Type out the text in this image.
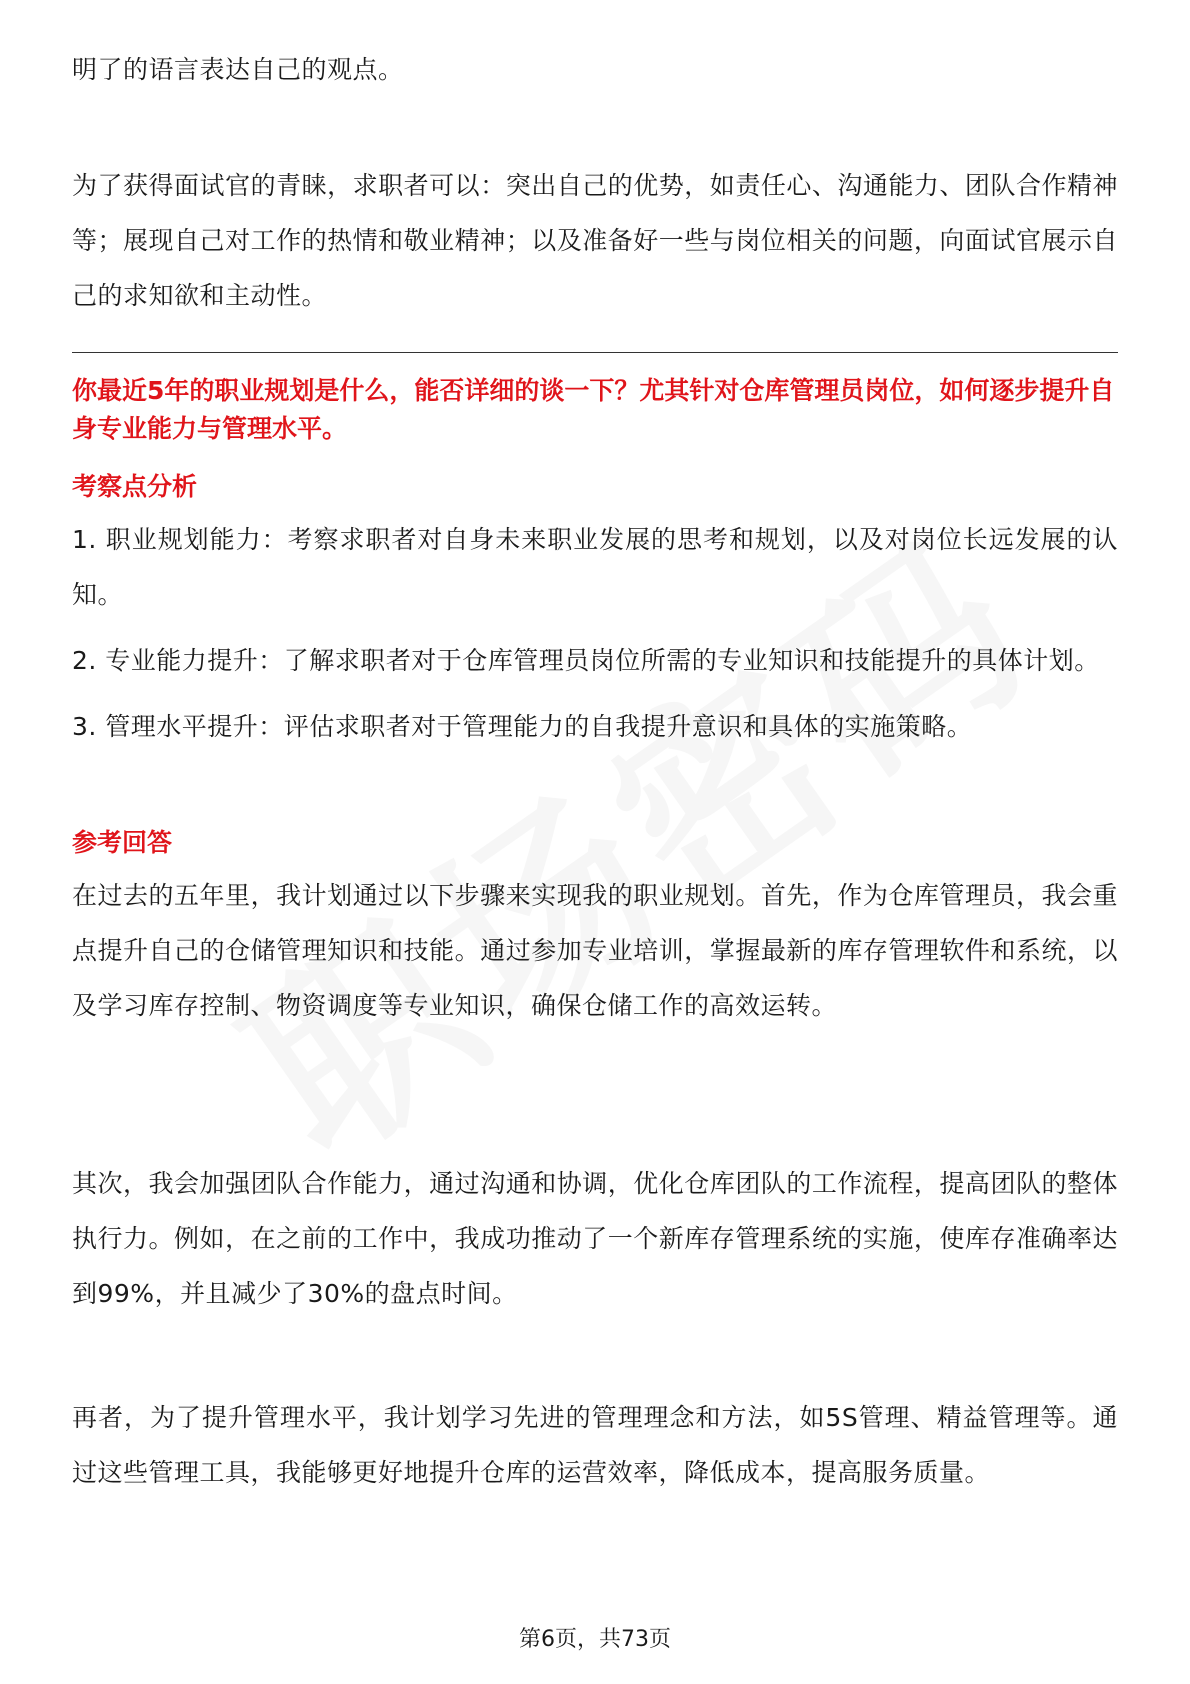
明了的语言表达自己的观点。

为了获得面试官的青睐，求职者可以：突出自己的优势，如责任心、沟通能力、团队合作精神等；展现自己对工作的热情和敬业精神；以及准备好一些与岗位相关的问题，向面试官展示自己的求知欲和主动性。

你最近5年的职业规划是什么，能否详细的谈一下？尤其针对仓库管理员岗位，如何逐步提升自身专业能力与管理水平。

考察点分析

1. 职业规划能力：考察求职者对自身未来职业发展的思考和规划，以及对岗位长远发展的认知。
2. 专业能力提升：了解求职者对于仓库管理员岗位所需的专业知识和技能提升的具体计划。
3. 管理水平提升：评估求职者对于管理能力的自我提升意识和具体的实施策略。

参考回答

在过去的五年里，我计划通过以下步骤来实现我的职业规划。首先，作为仓库管理员，我会重点提升自己的仓储管理知识和技能。通过参加专业培训，掌握最新的库存管理软件和系统，以及学习库存控制、物资调度等专业知识，确保仓储工作的高效运转。

其次，我会加强团队合作能力，通过沟通和协调，优化仓库团队的工作流程，提高团队的整体执行力。例如，在之前的工作中，我成功推动了一个新库存管理系统的实施，使库存准确率达到99%，并且减少了30%的盘点时间。

再者，为了提升管理水平，我计划学习先进的管理理念和方法，如5S管理、精益管理等。通过这些管理工具，我能够更好地提升仓库的运营效率，降低成本，提高服务质量。

第6页，共73页
